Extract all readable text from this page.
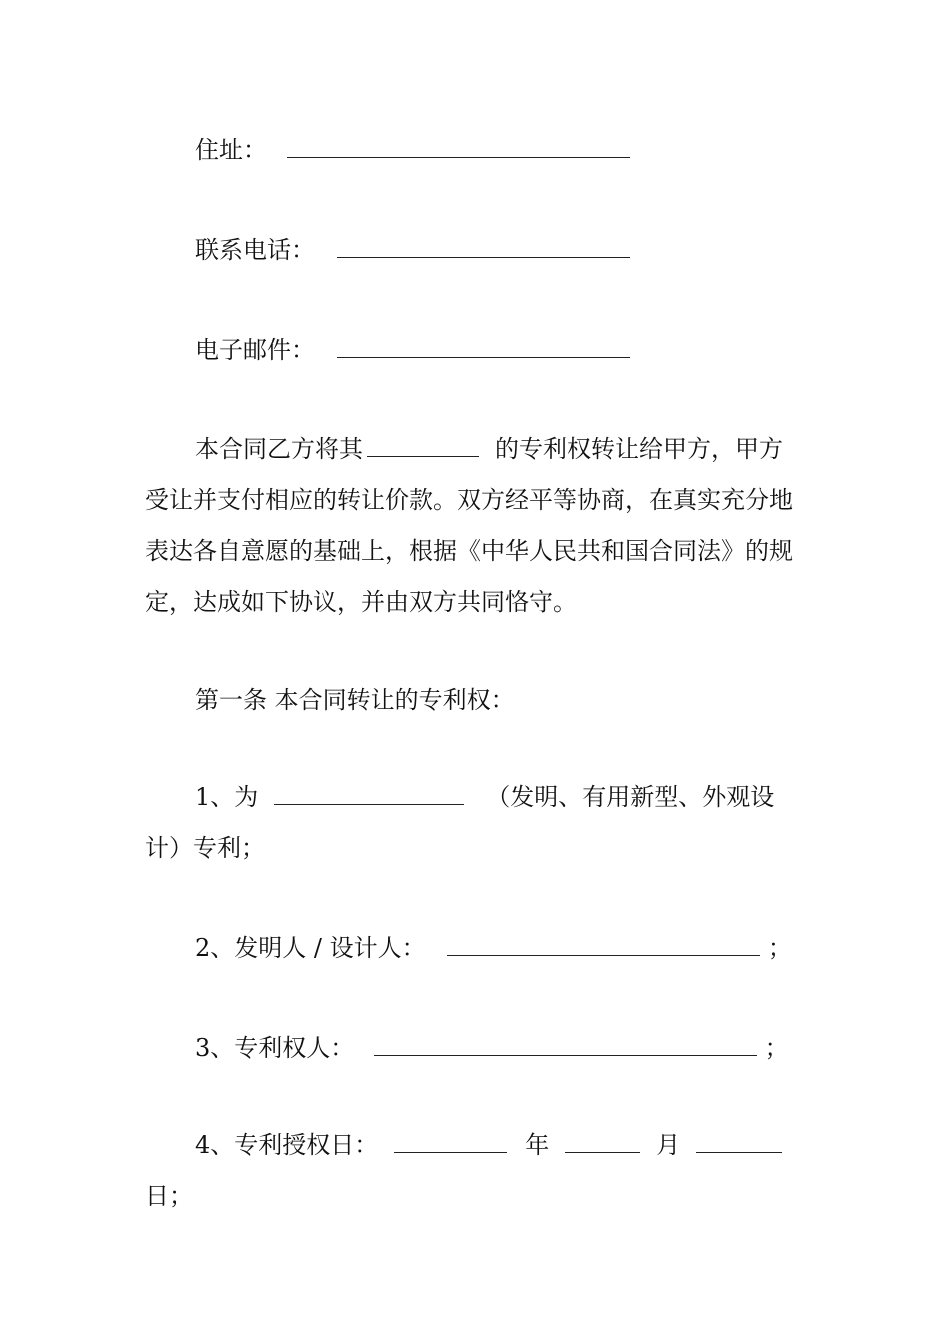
住址：
联系电话：
电子邮件：
本合同乙方将其	的专利权转让给甲方，甲方受让并支付相应的转让价款。双方经平等协商，在真实充分地表达各自意愿的基础上，根据《中华人民共和国合同法》的规定，达成如下协议，并由双方共同恪守。
第一条 本合同转让的专利权：
1、为	（发明、有用新型、外观设计）专利；
2、发明人 / 设计人：	；
3、专利权人：	；
4、专利授权日：	年	月日；
